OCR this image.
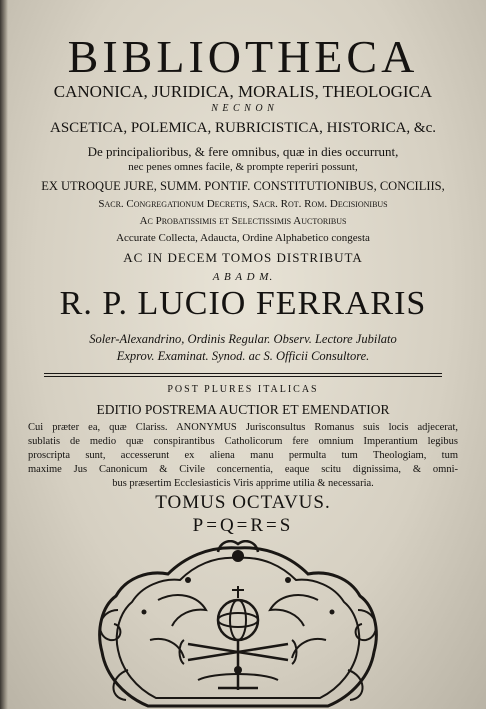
BIBLIOTHECA
CANONICA, JURIDICA, MORALIS, THEOLOGICA
N E C N O N
ASCETICA, POLEMICA, RUBRICISTICA, HISTORICA, &c.
De principalioribus, & fere omnibus, quæ in dies occurrunt,
nec penes omnes facile, & prompte reperiri possunt,
EX UTROQUE JURE, SUMM. PONTIF. CONSTITUTIONIBUS, CONCILIIS,
Sacr. Congregationum Decretis, Sacr. Rot. Rom. Decisionibus
Ac Probatissimis et Selectissimis Auctoribus
Accurate Collecta, Adaucta, Ordine Alphabetico congesta
AC IN DECEM TOMOS DISTRIBUTA
A B A D M.
R. P. LUCIO FERRARIS
Soler-Alexandrino, Ordinis Regular. Observ. Lectore Jubilato
Exprov. Examinat. Synod. ac S. Officii Consultore.
POST PLURES ITALICAS
EDITIO POSTREMA AUCTIOR ET EMENDATIOR
Cui præter ea, quæ Clariss. ANONYMUS Jurisconsultus Romanus suis locis adjecerat,
sublatis de medio quæ conspirantibus Catholicorum fere omnium Imperantium legibus
proscripta sunt, accesserunt ex aliena manu permulta tum Theologiam, tum
maxime Jus Canonicum & Civile concernentia, eaque scitu dignissima, & omni-
bus præsertim Ecclesiasticis Viris apprime utilia & necessaria.
TOMUS OCTAVUS.
P=Q=R=S
